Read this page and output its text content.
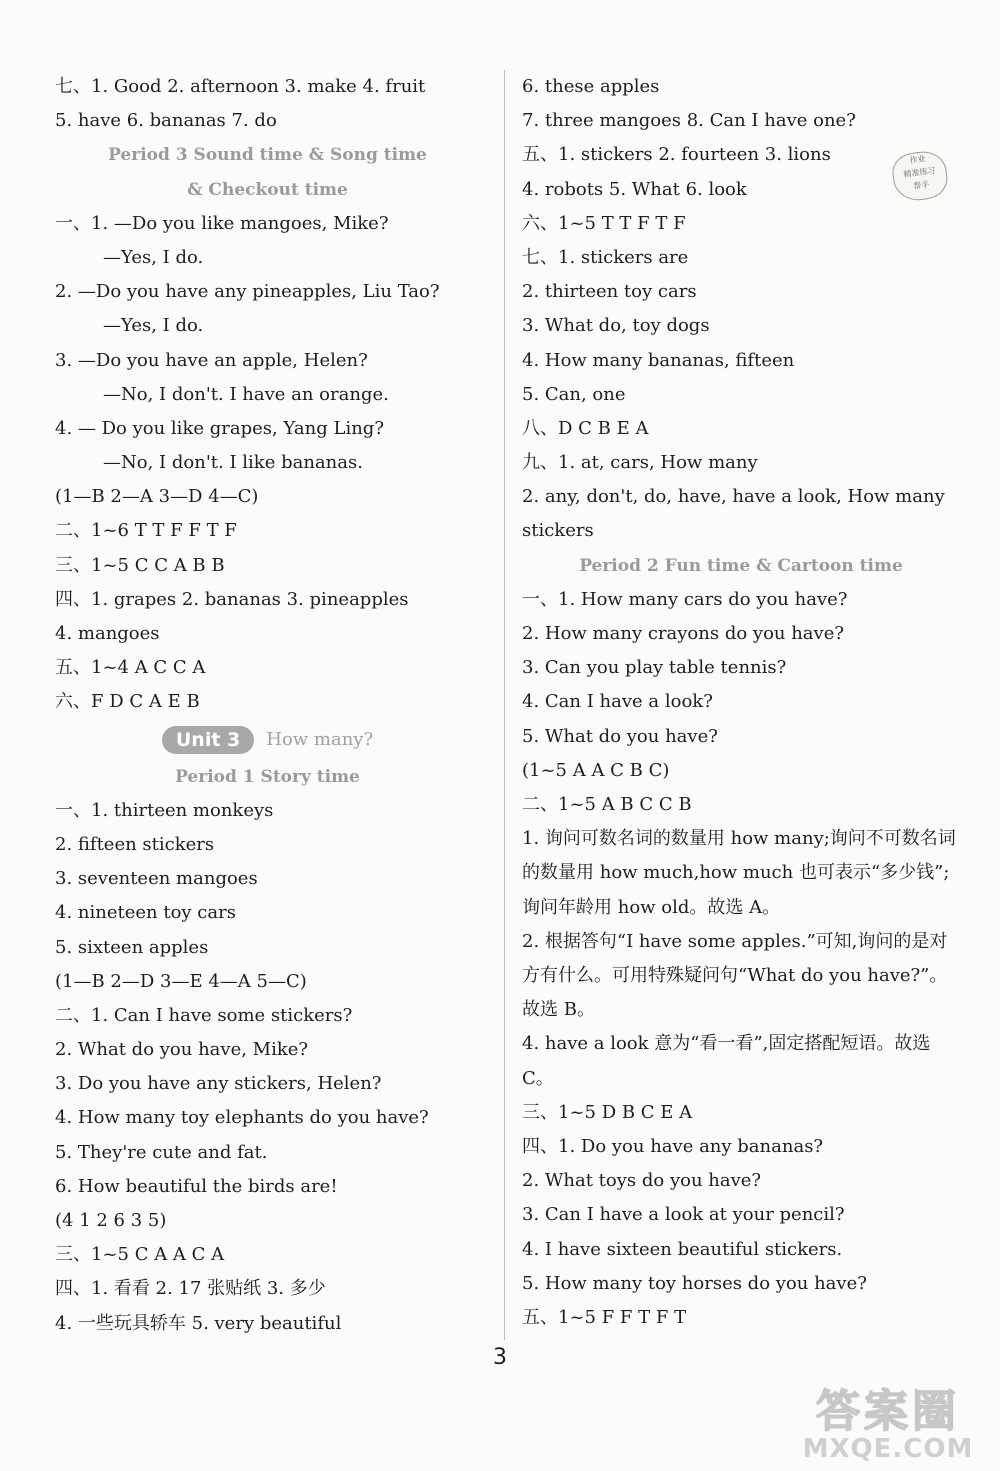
七、1. Good 2. afternoon 3. make 4. fruit
5. have 6. bananas 7. do
Period 3 Sound time & Song time
& Checkout time
一、1. —Do you like mangoes, Mike?
—Yes, I do.
2. —Do you have any pineapples, Liu Tao?
—Yes, I do.
3. —Do you have an apple, Helen?
—No, I don't. I have an orange.
4. — Do you like grapes, Yang Ling?
—No, I don't. I like bananas.
(1—B 2—A 3—D 4—C)
二、1~6 T T F F T F
三、1~5 C C A B B
四、1. grapes 2. bananas 3. pineapples
4. mangoes
五、1~4 A C C A
六、F D C A E B
Unit 3 How many?
Period 1 Story time
一、1. thirteen monkeys
2. fifteen stickers
3. seventeen mangoes
4. nineteen toy cars
5. sixteen apples
(1—B 2—D 3—E 4—A 5—C)
二、1. Can I have some stickers?
2. What do you have, Mike?
3. Do you have any stickers, Helen?
4. How many toy elephants do you have?
5. They're cute and fat.
6. How beautiful the birds are!
(4 1 2 6 3 5)
三、1~5 C A A C A
四、1. 看看 2. 17 张贴纸 3. 多少
4. 一些玩具轿车 5. very beautiful
6. these apples
7. three mangoes 8. Can I have one?
五、1. stickers 2. fourteen 3. lions
4. robots 5. What 6. look
六、1~5 T T F T F
七、1. stickers are
2. thirteen toy cars
3. What do, toy dogs
4. How many bananas, fifteen
5. Can, one
八、D C B E A
九、1. at, cars, How many
2. any, don't, do, have, have a look, How many stickers
Period 2 Fun time & Cartoon time
一、1. How many cars do you have?
2. How many crayons do you have?
3. Can you play table tennis?
4. Can I have a look?
5. What do you have?
(1~5 A A C B C)
二、1~5 A B C C B
1. 询问可数名词的数量用 how many;询问不可数名词的数量用 how much,how much 也可表示“多少钱”;询问年龄用 how old。故选 A。
2. 根据答句“I have some apples.”可知,询问的是对方有什么。可用特殊疑问句“What do you have?”。故选 B。
4. have a look 意为“看一看”,固定搭配短语。故选 C。
三、1~5 D B C E A
四、1. Do you have any bananas?
2. What toys do you have?
3. Can I have a look at your pencil?
4. I have sixteen beautiful stickers.
5. How many toy horses do you have?
五、1~5 F F T F T
作业
精准练习
帮手
3
答案圈
MXQE.COM
